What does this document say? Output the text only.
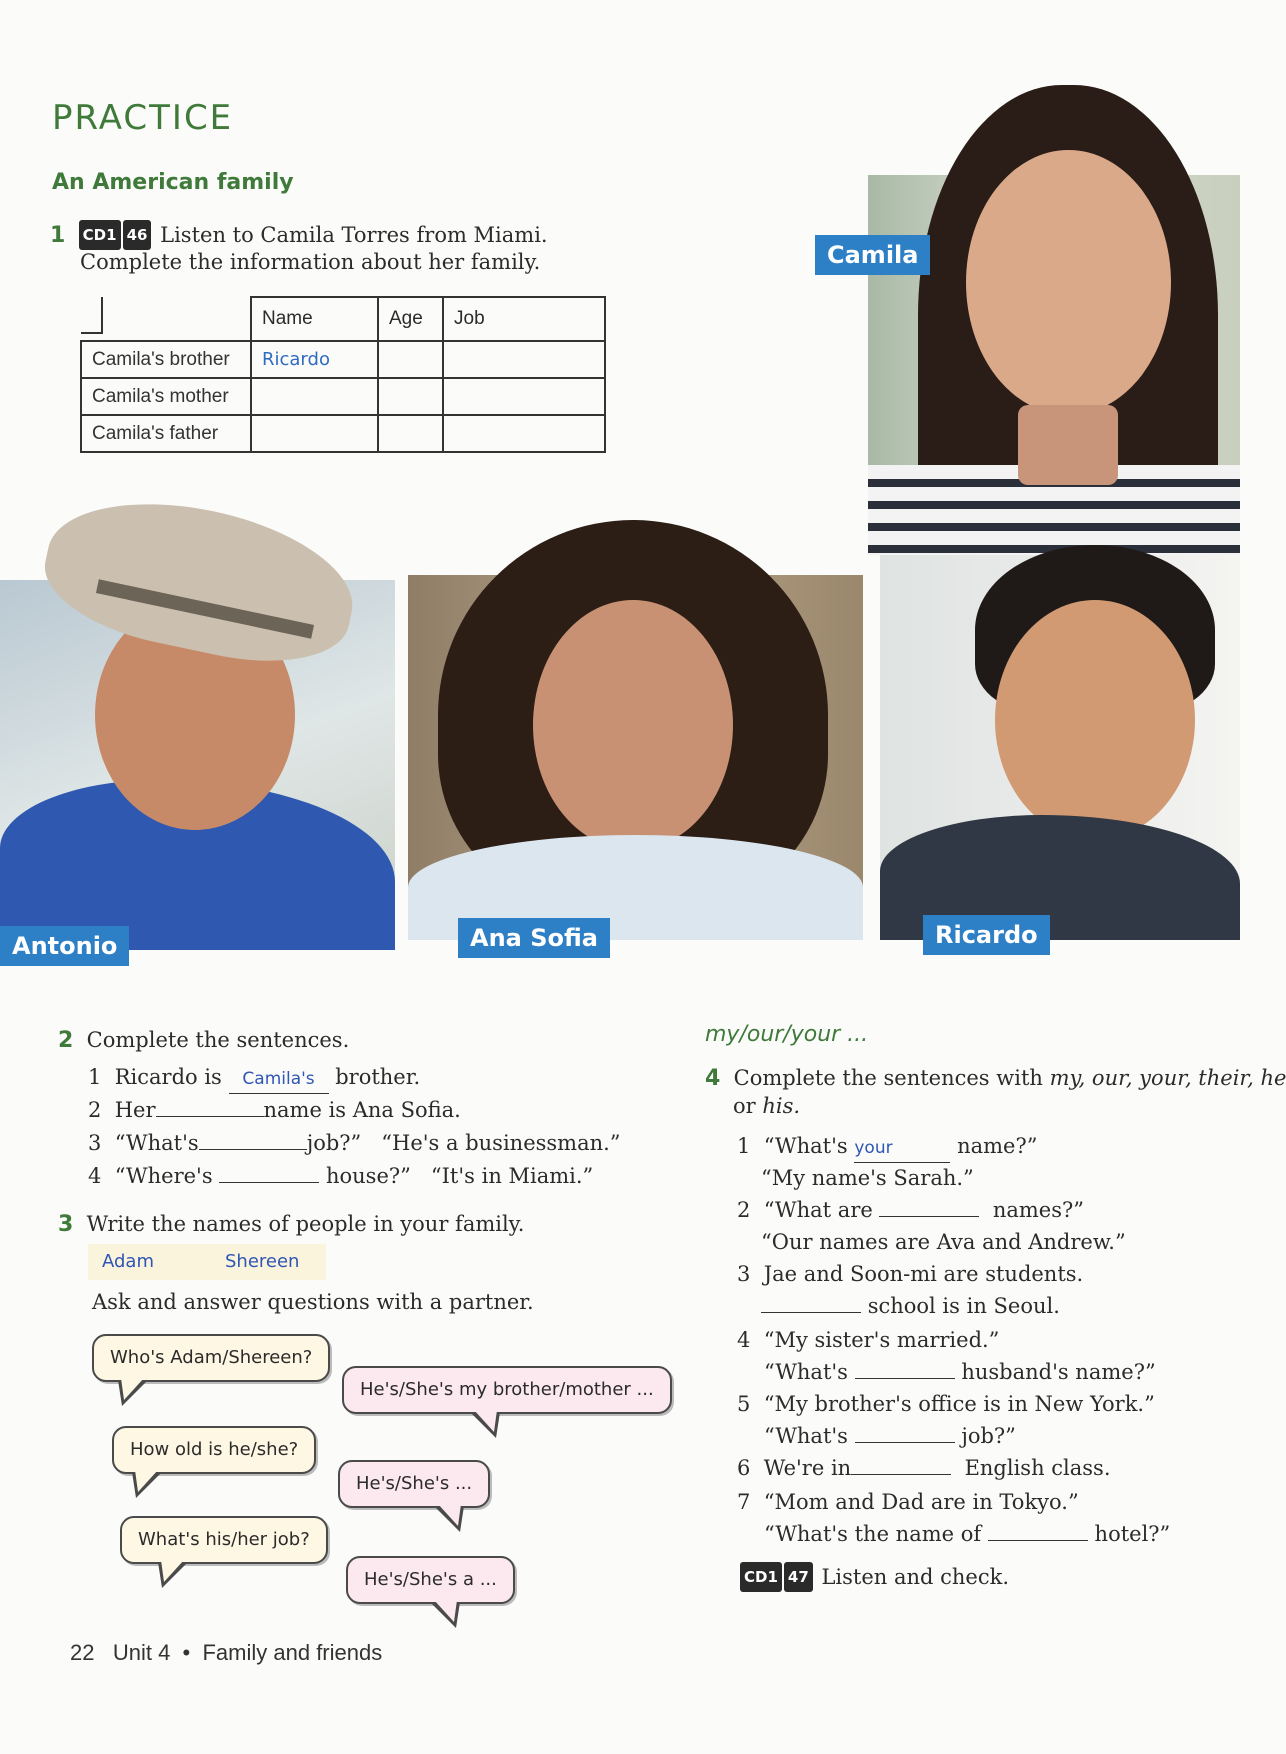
PRACTICE
An American family
1 CD1 46 Listen to Camila Torres from Miami.
Complete the information about her family.
Name	Age	Job
Camila's brother	Ricardo		
Camila's mother			
Camila's father			
Camila
Antonio	Ana Sofia	Ricardo
2 Complete the sentences.
1 Ricardo is Camila's brother.
2 Her	name is Ana Sofia.
3 “What's	job?”   “He's a businessman.”
4 “Where's	house?”   “It's in Miami.”
3 Write the names of people in your family.
Adam	Shereen
Ask and answer questions with a partner.
Who's Adam/Shereen?
He's/She's my brother/mother ...
How old is he/she?
He's/She's ...
What's his/her job?
He's/She's a ...
my/our/your ...
4 Complete the sentences with my, our, your, their, he
or his.
1 “What's your	name?”
“My name's Sarah.”
2 “What are	names?”
“Our names are Ava and Andrew.”
3 Jae and Soon-mi are students.
school is in Seoul.
4 “My sister's married.”
“What's	husband's name?”
5 “My brother's office is in New York.”
“What's	job?”
6 We're in	English class.
7 “Mom and Dad are in Tokyo.”
“What's the name of	hotel?”
CD1 47 Listen and check.
22 Unit 4 • Family and friends
